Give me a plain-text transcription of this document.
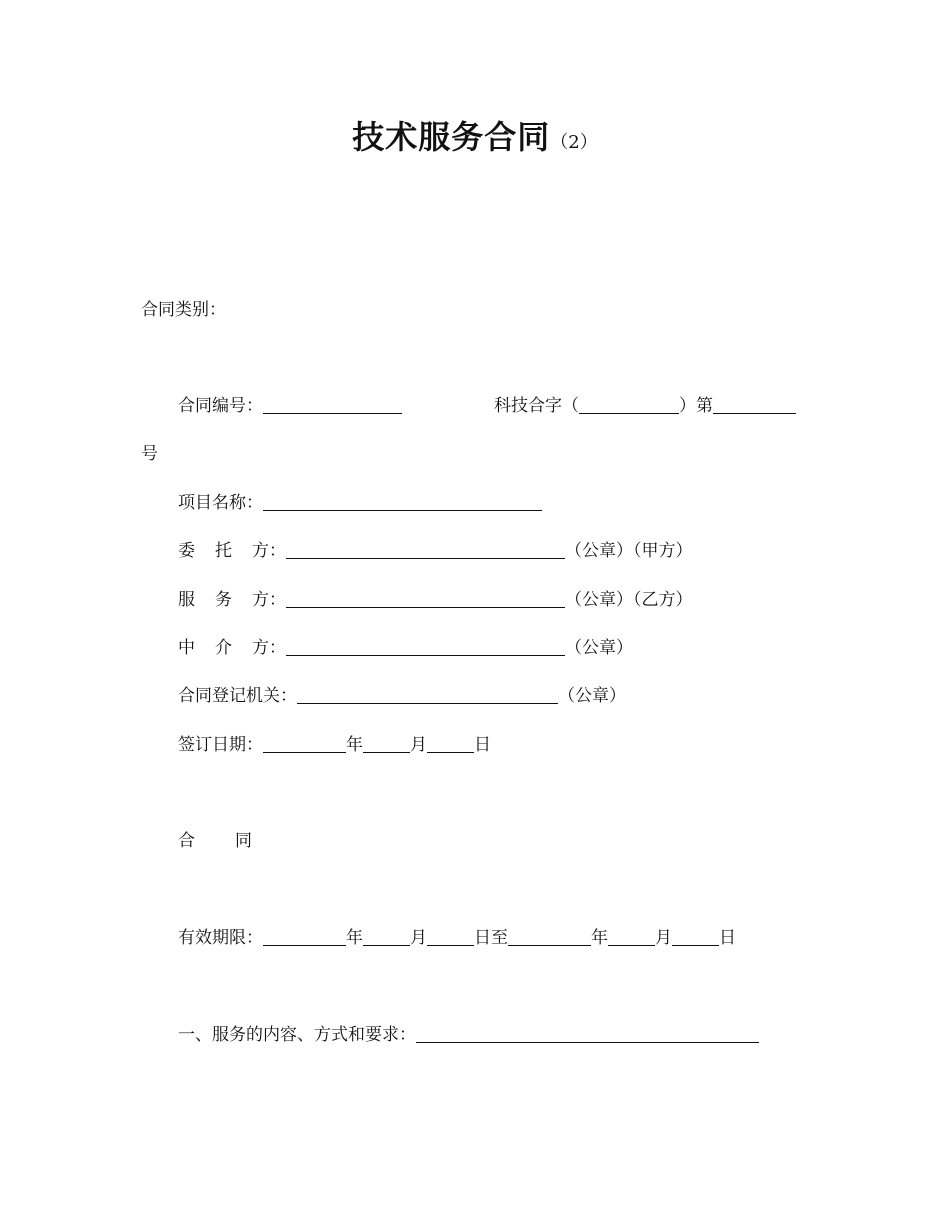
技术服务合同（2）
合同类别：
合同编号：	科技合字（	）第
号
项目名称：
委 托 方：	（公章）（甲方）
服 务 方：	（公章）（乙方）
中 介 方：	（公章）
合同登记机关：	（公章）
签订日期：	年	月	日
合 同
有效期限：	年	月	日至	年	月	日
一、服务的内容、方式和要求：
